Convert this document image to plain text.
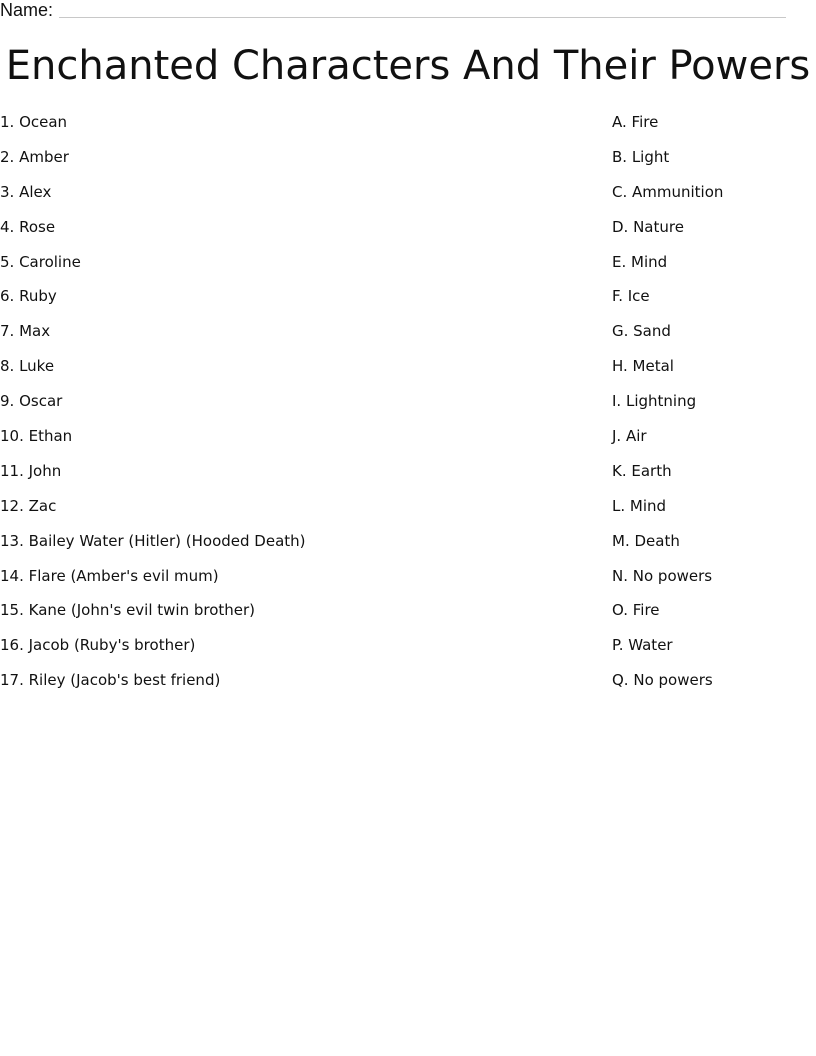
Name:
Enchanted Characters And Their Powers
1. Ocean
2. Amber
3. Alex
4. Rose
5. Caroline
6. Ruby
7. Max
8. Luke
9. Oscar
10. Ethan
11. John
12. Zac
13. Bailey Water (Hitler) (Hooded Death)
14. Flare (Amber's evil mum)
15. Kane (John's evil twin brother)
16. Jacob (Ruby's brother)
17. Riley (Jacob's best friend)
A. Fire
B. Light
C. Ammunition
D. Nature
E. Mind
F. Ice
G. Sand
H. Metal
I. Lightning
J. Air
K. Earth
L. Mind
M. Death
N. No powers
O. Fire
P. Water
Q. No powers
